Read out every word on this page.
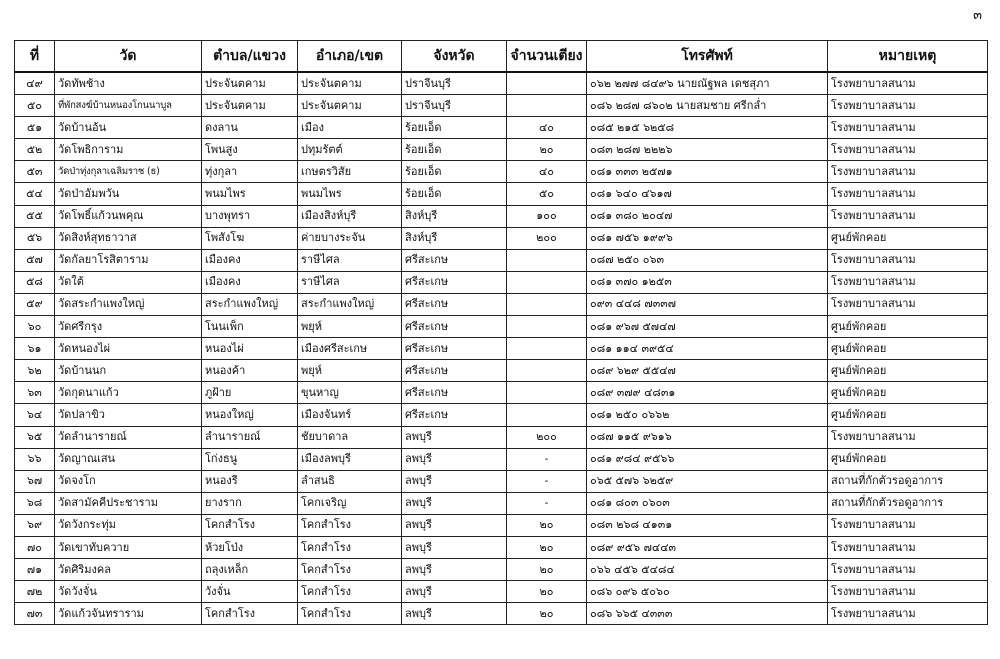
๓
ที่	วัด	ตำบล/แขวง	อำเภอ/เขต	จังหวัด	จำนวนเตียง	โทรศัพท์	หมายเหตุ
๔๙	วัดทัพช้าง	ประจันตคาม	ประจันตคาม	ปราจีนบุรี		๐๖๒ ๒๗๗ ๘๔๙๖ นายณัฐพล เดชสุภา	โรงพยาบาลสนาม
๕๐	ที่พักสงฆ์บ้านหนองโกนนาบูล	ประจันตคาม	ประจันตคาม	ปราจีนบุรี		๐๘๖ ๒๘๗ ๘๖๐๒ นายสมชาย ศรีกล่ำ	โรงพยาบาลสนาม
๕๑	วัดบ้านอ้น	ดงลาน	เมือง	ร้อยเอ็ด	๔๐	๐๘๕ ๒๑๕ ๖๒๕๘	โรงพยาบาลสนาม
๕๒	วัดโพธิการาม	โพนสูง	ปทุมรัตต์	ร้อยเอ็ด	๒๐	๐๘๓ ๒๘๗ ๒๒๒๖	โรงพยาบาลสนาม
๕๓	วัดป่าทุ่งกุลาเฉลิมราช (ธ)	ทุ่งกุลา	เกษตรวิสัย	ร้อยเอ็ด	๔๐	๐๘๑ ๓๓๓ ๒๕๗๑	โรงพยาบาลสนาม
๕๔	วัดป่าอัมพวัน	พนมไพร	พนมไพร	ร้อยเอ็ด	๕๐	๐๘๑ ๖๔๐ ๔๖๑๗	โรงพยาบาลสนาม
๕๕	วัดโพธิ์แก้วนพคุณ	บางพุทรา	เมืองสิงห์บุรี	สิงห์บุรี	๑๐๐	๐๘๑ ๓๘๐ ๒๐๔๗	โรงพยาบาลสนาม
๕๖	วัดสิงห์สุทธาวาส	โพสังโฆ	ค่ายบางระจัน	สิงห์บุรี	๒๐๐	๐๘๑ ๗๕๖ ๑๙๙๖	ศูนย์พักคอย
๕๗	วัดกัลยาโรสิตาราม	เมืองคง	ราษีไศล	ศรีสะเกษ		๐๘๗ ๒๕๐ ๐๖๓	โรงพยาบาลสนาม
๕๘	วัดใต้	เมืองคง	ราษีไศล	ศรีสะเกษ		๐๘๑ ๓๗๐ ๑๒๕๓	โรงพยาบาลสนาม
๕๙	วัดสระกำแพงใหญ่	สระกำแพงใหญ่	สระกำแพงใหญ่	ศรีสะเกษ		๐๙๓ ๔๔๘ ๗๓๓๗	โรงพยาบาลสนาม
๖๐	วัดศรีกรุง	โนนเพ็ก	พยุห์	ศรีสะเกษ		๐๘๑ ๙๖๗ ๕๗๔๗	ศูนย์พักคอย
๖๑	วัดหนองไผ่	หนองไผ่	เมืองศรีสะเกษ	ศรีสะเกษ		๐๘๑ ๑๑๔ ๓๙๕๔	ศูนย์พักคอย
๖๒	วัดบ้านนก	หนองค้า	พยุห์	ศรีสะเกษ		๐๘๙ ๖๒๙ ๕๕๔๗	ศูนย์พักคอย
๖๓	วัดกุดนาแก้ว	ภูฝ้าย	ขุนหาญ	ศรีสะเกษ		๐๘๙ ๓๗๙ ๔๘๓๑	ศูนย์พักคอย
๖๔	วัดปลาขิว	หนองใหญ่	เมืองจันทร์	ศรีสะเกษ		๐๘๑ ๒๕๐ ๐๖๖๒	ศูนย์พักคอย
๖๕	วัดลำนารายณ์	ลำนารายณ์	ชัยบาดาล	ลพบุรี	๒๐๐	๐๘๗ ๑๑๕ ๙๖๑๖	โรงพยาบาลสนาม
๖๖	วัดญาณเสน	โก่งธนู	เมืองลพบุรี	ลพบุรี	-	๐๘๑ ๙๘๔ ๙๕๖๖	ศูนย์พักคอย
๖๗	วัดจงโก	หนองรี	ลำสนธิ	ลพบุรี	-	๐๖๕ ๕๗๖ ๖๒๕๙	สถานที่กักตัวรอดูอาการ
๖๘	วัดสามัคคีประชาราม	ยางราก	โคกเจริญ	ลพบุรี	-	๐๘๑ ๘๐๓ ๐๖๐๓	สถานที่กักตัวรอดูอาการ
๖๙	วัดวังกระทุ่ม	โคกสำโรง	โคกสำโรง	ลพบุรี	๒๐	๐๘๓ ๒๖๘ ๔๑๓๑	โรงพยาบาลสนาม
๗๐	วัดเขาทับควาย	ห้วยโป่ง	โคกสำโรง	ลพบุรี	๒๐	๐๘๙ ๙๕๖ ๗๔๔๓	โรงพยาบาลสนาม
๗๑	วัดศิริมงคล	ถลุงเหล็ก	โคกสำโรง	ลพบุรี	๒๐	๐๖๖ ๔๕๖ ๕๔๘๔	โรงพยาบาลสนาม
๗๒	วัดวังจั่น	วังจั่น	โคกสำโรง	ลพบุรี	๒๐	๐๘๖ ๐๙๖ ๕๐๖๐	โรงพยาบาลสนาม
๗๓	วัดแก้วจันทราราม	โคกสำโรง	โคกสำโรง	ลพบุรี	๒๐	๐๘๖ ๖๖๕ ๔๓๓๓	โรงพยาบาลสนาม
